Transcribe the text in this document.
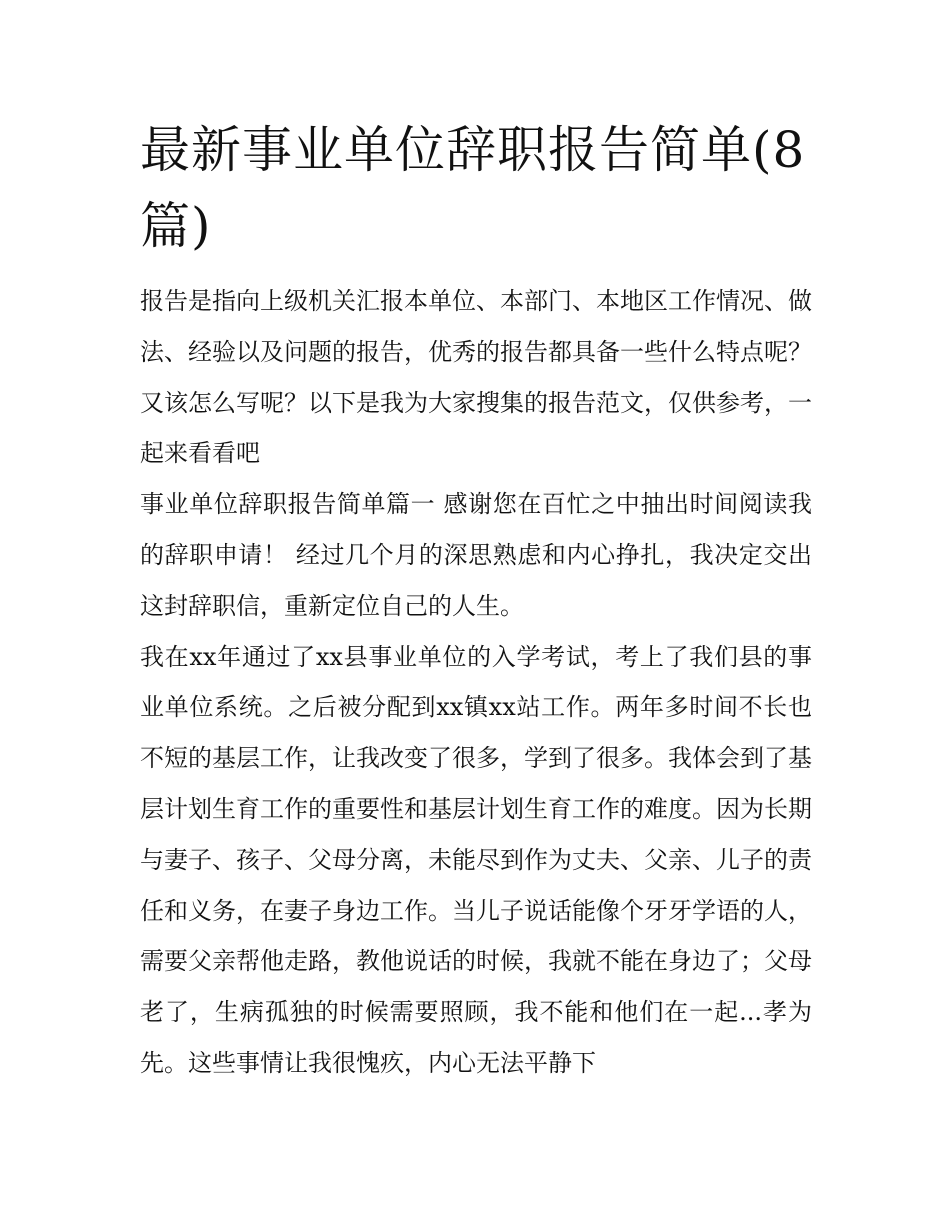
最新事业单位辞职报告简单(8篇)

报告是指向上级机关汇报本单位、本部门、本地区工作情况、做法、经验以及问题的报告，优秀的报告都具备一些什么特点呢？又该怎么写呢？以下是我为大家搜集的报告范文，仅供参考，一起来看看吧

事业单位辞职报告简单篇一 感谢您在百忙之中抽出时间阅读我的辞职申请！ 经过几个月的深思熟虑和内心挣扎，我决定交出这封辞职信，重新定位自己的人生。

我在xx年通过了xx县事业单位的入学考试，考上了我们县的事业单位系统。之后被分配到xx镇xx站工作。两年多时间不长也不短的基层工作，让我改变了很多，学到了很多。我体会到了基层计划生育工作的重要性和基层计划生育工作的难度。因为长期与妻子、孩子、父母分离，未能尽到作为丈夫、父亲、儿子的责任和义务，在妻子身边工作。当儿子说话能像个牙牙学语的人，需要父亲帮他走路，教他说话的时候，我就不能在身边了；父母老了，生病孤独的时候需要照顾，我不能和他们在一起...孝为先。这些事情让我很愧疚，内心无法平静下
